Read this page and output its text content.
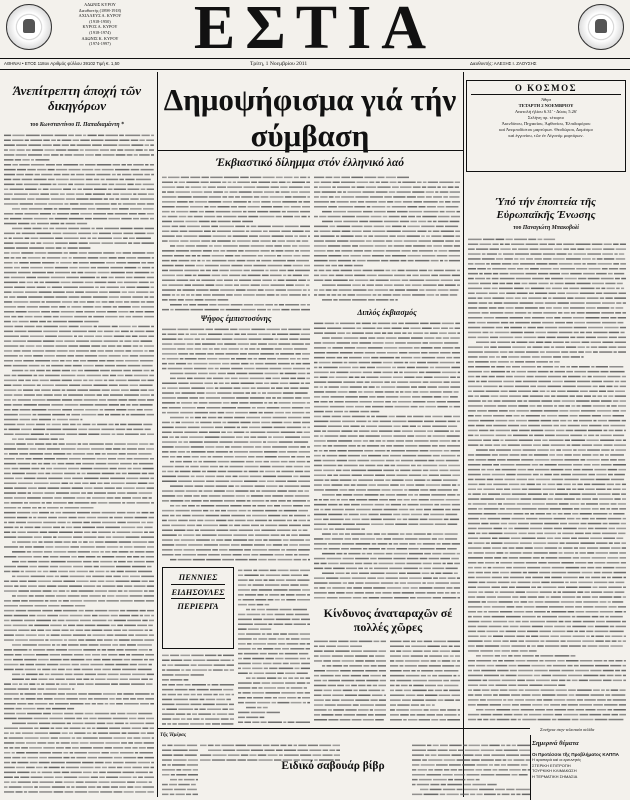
ΑΔΩΝΙΣ ΚΥΡΟΥ
Διευθυντής (1898-1918)
ΑΧΙΛΛΕΥΣ Α. ΚΥΡΟΥ
(1918-1950)
ΚΥΡΟΣ Α. ΚΥΡΟΥ
(1918-1974)
ΑΔΩΝΙΣ Κ. ΚΥΡΟΥ
(1974-1997)	ΕΣΤΙΑ
ΑΘΗΝΑΙ • ΕΤΟΣ 118ον Αριθμός φύλλου 39102 Τιμή €. 1,50	Τρίτη, 1 Νοεμβρίου 2011	Διευθυντής: ΑΛΕΞΗΣ Ι. ΖΑΟΥΣΗΣ
Άνεπίτρεπτη άποχή τῶν δικηγόρων
του Κωνσταντίνου Π. Παπαδιαμάντη *
Δημοψήφισμα γιά τήν σύμβαση
Έκβιαστικό δίλημμα στόν έλληνικό λαό
Ψήφος έμπιστοσύνης
Διπλός έκβιασμός
ΠΕΝΝΙΕΣ
ΕΙΔΗΣΟΥΛΕΣ
ΠΕΡΙΕΡΓΑ	Κίνδυνος άναταραχῶν σέ πολλές χῶρες
Ο ΚΟΣΜΟΣ
Άθηα
ΤΕΤΑΡΤΗ 2 ΝΟΕΜΒΡΙΟΥ
Ανατολή ήλίου 6.31' - Δύσις 5.26'
Σελήνη πρ. τέταρτο
Άκινδύνου, Πηγασίου, Άφθονίου, Έλπιδοφόρου
καί Άνεμποδίστου μαρτύρων. Θεοδώρου, Δομέσμο
καί έγγονίου, τῶν ἐν Λίγονόμ μαρτύρων.
Ύπό τήν έποπτεία τῆς Εὐρωπαϊκῆς Ένωσης
του Παναγιώτη Μπακοβολί
Συνέχεια στην τελευταία σελίδα
Τῆς Ήμέρας
Ειδικό σαβουάρ βίβρ
Σημερινά θέματα
Οι Προτέσσοι τῆς Προβλήματος ΚΑΠΠΑ
Η αριστερά καί οι ερευνητές
ΣΤΕΡΙΚΗ ΕΠΙΤΡΟΠΗ
ΤΟΥΡΚΙΚΗ ΚΛΙΜΑΚΩΣΗ
Η ΤΕΡΜΑΤΙΚΗ ΣΗΜΑΣΙΑ
